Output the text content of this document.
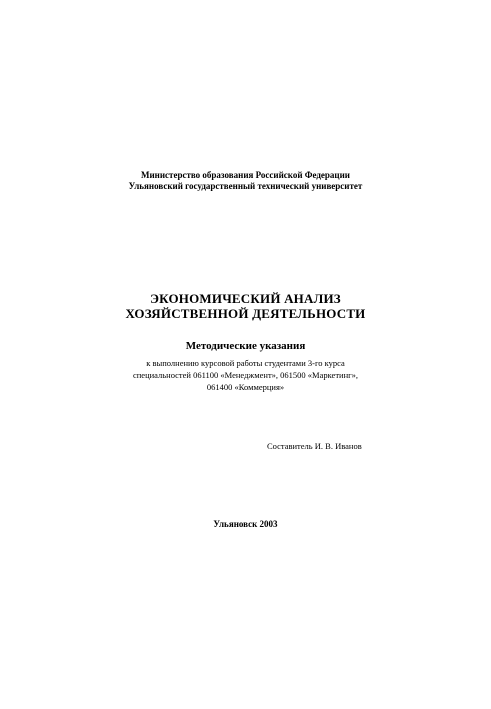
Министерство образования Российской Федерации
Ульяновский государственный технический университет
ЭКОНОМИЧЕСКИЙ АНАЛИЗ
ХОЗЯЙСТВЕННОЙ ДЕЯТЕЛЬНОСТИ
Методические указания
к выполнению курсовой работы студентами 3-го курса
специальностей 061100 «Менеджмент», 061500 «Маркетинг»,
061400 «Коммерция»
Составитель И. В. Иванов
Ульяновск 2003
